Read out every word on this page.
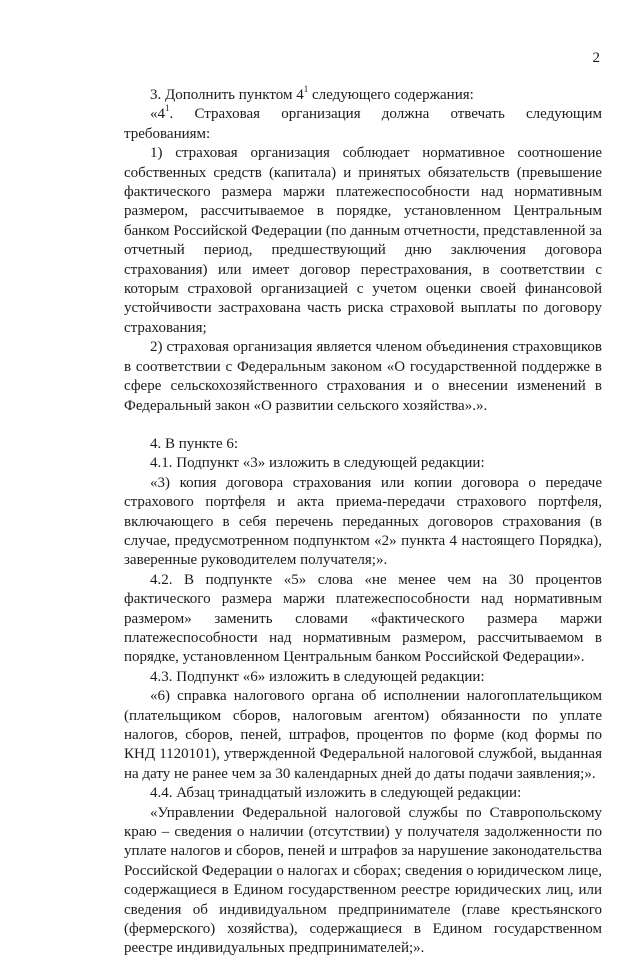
2

3. Дополнить пунктом $4^1$ следующего содержания:

«$4^1$. Страховая организация должна отвечать следующим требованиям:

1) страховая организация соблюдает нормативное соотношение собственных средств (капитала) и принятых обязательств (превышение фактического размера маржи платежеспособности над нормативным размером, рассчитываемое в порядке, установленном Центральным банком Российской Федерации (по данным отчетности, представленной за отчетный период, предшествующий дню заключения договора страхования) или имеет договор перестрахования, в соответствии с которым страховой организацией с учетом оценки своей финансовой устойчивости застрахована часть риска страховой выплаты по договору страхования;

2) страховая организация является членом объединения страховщиков в соответствии с Федеральным законом «О государственной поддержке в сфере сельскохозяйственного страхования и о внесении изменений в Федеральный закон «О развитии сельского хозяйства».».

4. В пункте 6:

4.1. Подпункт «3» изложить в следующей редакции:

«3) копия договора страхования или копии договора о передаче страхового портфеля и акта приема-передачи страхового портфеля, включающего в себя перечень переданных договоров страхования (в случае, предусмотренном подпунктом «2» пункта 4 настоящего Порядка), заверенные руководителем получателя;».

4.2. В подпункте «5» слова «не менее чем на 30 процентов фактического размера маржи платежеспособности над нормативным размером» заменить словами «фактического размера маржи платежеспособности над нормативным размером, рассчитываемом в порядке, установленном Центральным банком Российской Федерации».

4.3. Подпункт «6» изложить в следующей редакции:

«6) справка налогового органа об исполнении налогоплательщиком (плательщиком сборов, налоговым агентом) обязанности по уплате налогов, сборов, пеней, штрафов, процентов по форме (код формы по КНД 1120101), утвержденной Федеральной налоговой службой, выданная на дату не ранее чем за 30 календарных дней до даты подачи заявления;».

4.4. Абзац тринадцатый изложить в следующей редакции:

«Управлении Федеральной налоговой службы по Ставропольскому краю – сведения о наличии (отсутствии) у получателя задолженности по уплате налогов и сборов, пеней и штрафов за нарушение законодательства Российской Федерации о налогах и сборах; сведения о юридическом лице, содержащиеся в Едином государственном реестре юридических лиц, или сведения об индивидуальном предпринимателе (главе крестьянского (фермерского) хозяйства), содержащиеся в Едином государственном реестре индивидуальных предпринимателей;».
